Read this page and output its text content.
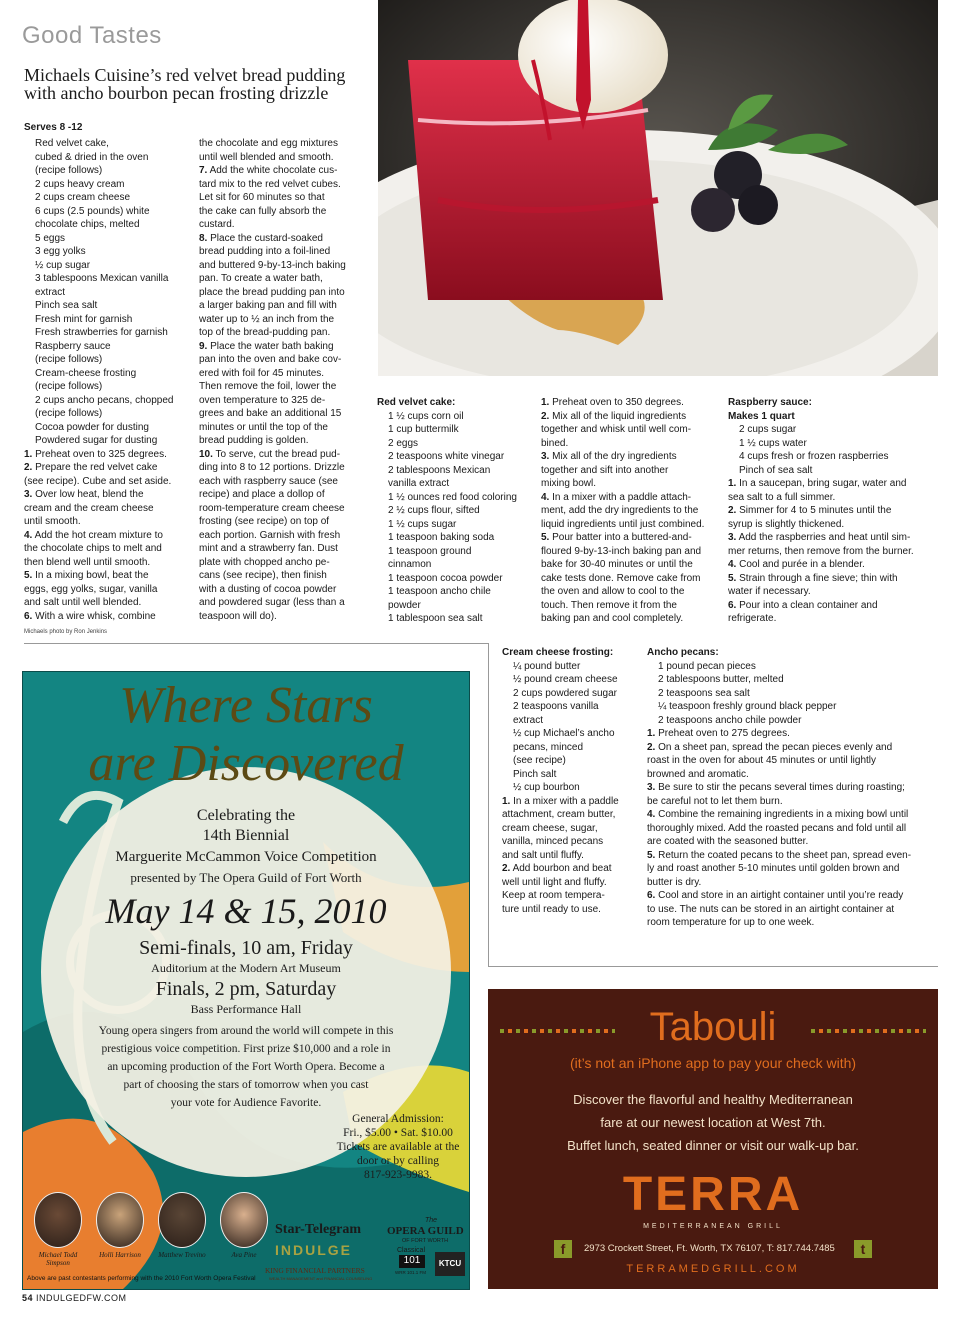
Good Tastes
Michaels Cuisine’s red velvet bread pudding with ancho bourbon pecan frosting drizzle
Serves 8 -12

Red velvet cake,

cubed & dried in the oven

(recipe follows)

2 cups heavy cream

2 cups cream cheese

6 cups (2.5 pounds) white

chocolate chips, melted

5 eggs

3 egg yolks

½ cup sugar

3 tablespoons Mexican vanilla

extract

Pinch sea salt

Fresh mint for garnish

Fresh strawberries for garnish

Raspberry sauce

(recipe follows)

Cream-cheese frosting

(recipe follows)

2 cups ancho pecans, chopped

(recipe follows)

Cocoa powder for dusting

Powdered sugar for dusting

1. Preheat oven to 325 degrees.

2. Prepare the red velvet cake

(see recipe). Cube and set aside.

3. Over low heat, blend the

cream and the cream cheese

until smooth.

4. Add the hot cream mixture to

the chocolate chips to melt and

then blend well until smooth.

5. In a mixing bowl, beat the

eggs, egg yolks, sugar, vanilla

and salt until well blended.

6. With a wire whisk, combine

the chocolate and egg mixtures

until well blended and smooth.

7. Add the white chocolate cus-

tard mix to the red velvet cubes.

Let sit for 60 minutes so that

the cake can fully absorb the

custard.

8. Place the custard-soaked

bread pudding into a foil-lined

and buttered 9-by-13-inch baking

pan. To create a water bath,

place the bread pudding pan into

a larger baking pan and fill with

water up to ½ an inch from the

top of the bread-pudding pan.

9. Place the water bath baking

pan into the oven and bake cov-

ered with foil for 45 minutes.

Then remove the foil, lower the

oven temperature to 325 de-

grees and bake an additional 15

minutes or until the top of the

bread pudding is golden.

10. To serve, cut the bread pud-

ding into 8 to 12 portions. Drizzle

each with raspberry sauce (see

recipe) and place a dollop of

room-temperature cream cheese

frosting (see recipe) on top of

each portion. Garnish with fresh

mint and a strawberry fan. Dust

plate with chopped ancho pe-

cans (see recipe), then finish

with a dusting of cocoa powder

and powdered sugar (less than a

teaspoon will do).

Red velvet cake:

1 ½ cups corn oil

1 cup buttermilk

2 eggs

2 teaspoons white vinegar

2 tablespoons Mexican

vanilla extract

1 ½ ounces red food coloring

2 ½ cups flour, sifted

1 ½ cups sugar

1 teaspoon baking soda

1 teaspoon ground

cinnamon

1 teaspoon cocoa powder

1 teaspoon ancho chile

powder

1 tablespoon sea salt

1. Preheat oven to 350 degrees.

2. Mix all of the liquid ingredients

together and whisk until well com-

bined.

3. Mix all of the dry ingredients

together and sift into another

mixing bowl.

4. In a mixer with a paddle attach-

ment, add the dry ingredients to the

liquid ingredients until just combined.

5. Pour batter into a buttered-and-

floured 9-by-13-inch baking pan and

bake for 30-40 minutes or until the

cake tests done. Remove cake from

the oven and allow to cool to the

touch. Then remove it from the

baking pan and cool completely.

Raspberry sauce:

Makes 1 quart

2 cups sugar

1 ½ cups water

4 cups fresh or frozen raspberries

Pinch of sea salt

1. In a saucepan, bring sugar, water and

sea salt to a full simmer.

2. Simmer for 4 to 5 minutes until the

syrup is slightly thickened.

3. Add the raspberries and heat until sim-

mer returns, then remove from the burner.

4. Cool and purée in a blender.

5. Strain through a fine sieve; thin with

water if necessary.

6. Pour into a clean container and

refrigerate.

Cream cheese frosting:

¼ pound butter

½ pound cream cheese

2 cups powdered sugar

2 teaspoons vanilla

extract

½ cup Michael’s ancho

pecans, minced

(see recipe)

Pinch salt

½ cup bourbon

1. In a mixer with a paddle

attachment, cream butter,

cream cheese, sugar,

vanilla, minced pecans

and salt until fluffy.

2. Add bourbon and beat

well until light and fluffy.

Keep at room tempera-

ture until ready to use.

Ancho pecans:

1 pound pecan pieces

2 tablespoons butter, melted

2 teaspoons sea salt

¼ teaspoon freshly ground black pepper

2 teaspoons ancho chile powder

1. Preheat oven to 275 degrees.

2. On a sheet pan, spread the pecan pieces evenly and

roast in the oven for about 45 minutes or until lightly

browned and aromatic.

3. Be sure to stir the pecans several times during roasting;

be careful not to let them burn.

4. Combine the remaining ingredients in a mixing bowl until

thoroughly mixed. Add the roasted pecans and fold until all

are coated with the seasoned butter.

5. Return the coated pecans to the sheet pan, spread even-

ly and roast another 5-10 minutes until golden brown and

butter is dry.

6. Cool and store in an airtight container until you’re ready

to use. The nuts can be stored in an airtight container at

room temperature for up to one week.

Michaels photo by Ron Jenkins
Where Stars
are Discovered
Celebrating the
14th Biennial
Marguerite McCammon Voice Competition
presented by The Opera Guild of Fort Worth
May 14 & 15, 2010
Semi-finals, 10 am, Friday
Auditorium at the Modern Art Museum
Finals, 2 pm, Saturday
Bass Performance Hall
Young opera singers from around the world will compete in this
prestigious voice competition. First prize $10,000 and a role in
an upcoming production of the Fort Worth Opera. Become a
part of choosing the stars of tomorrow when you cast
your vote for Audience Favorite.
General Admission:
Fri., $5.00 • Sat. $10.00
Tickets are available at the
door or by calling
817-923-9983.
Michael Todd Simpson
Holli Harrison	Matthew Trevino	Ava Pine
Above are past contestants performing with the 2010 Fort Worth Opera Festival
Star-Telegram
INDULGE
The
OPERA GUILD
OF FORT WORTH
Classical
101
WRR 101.1 FM
KTCU
KING FINANCIAL PARTNERS
WEALTH MANAGEMENT and FINANCIAL COUNSELING
Tabouli
(it’s not an iPhone app to pay your check with)
Discover the flavorful and healthy Mediterranean
fare at our newest location at West 7th.
Buffet lunch, seated dinner or visit our walk-up bar.
TERRA
MEDITERRANEAN GRILL
f	2973 Crockett Street, Ft. Worth, TX 76107, T: 817.744.7485	t
TERRAMEDGRILL.COM
54 INDULGEDFW.COM
